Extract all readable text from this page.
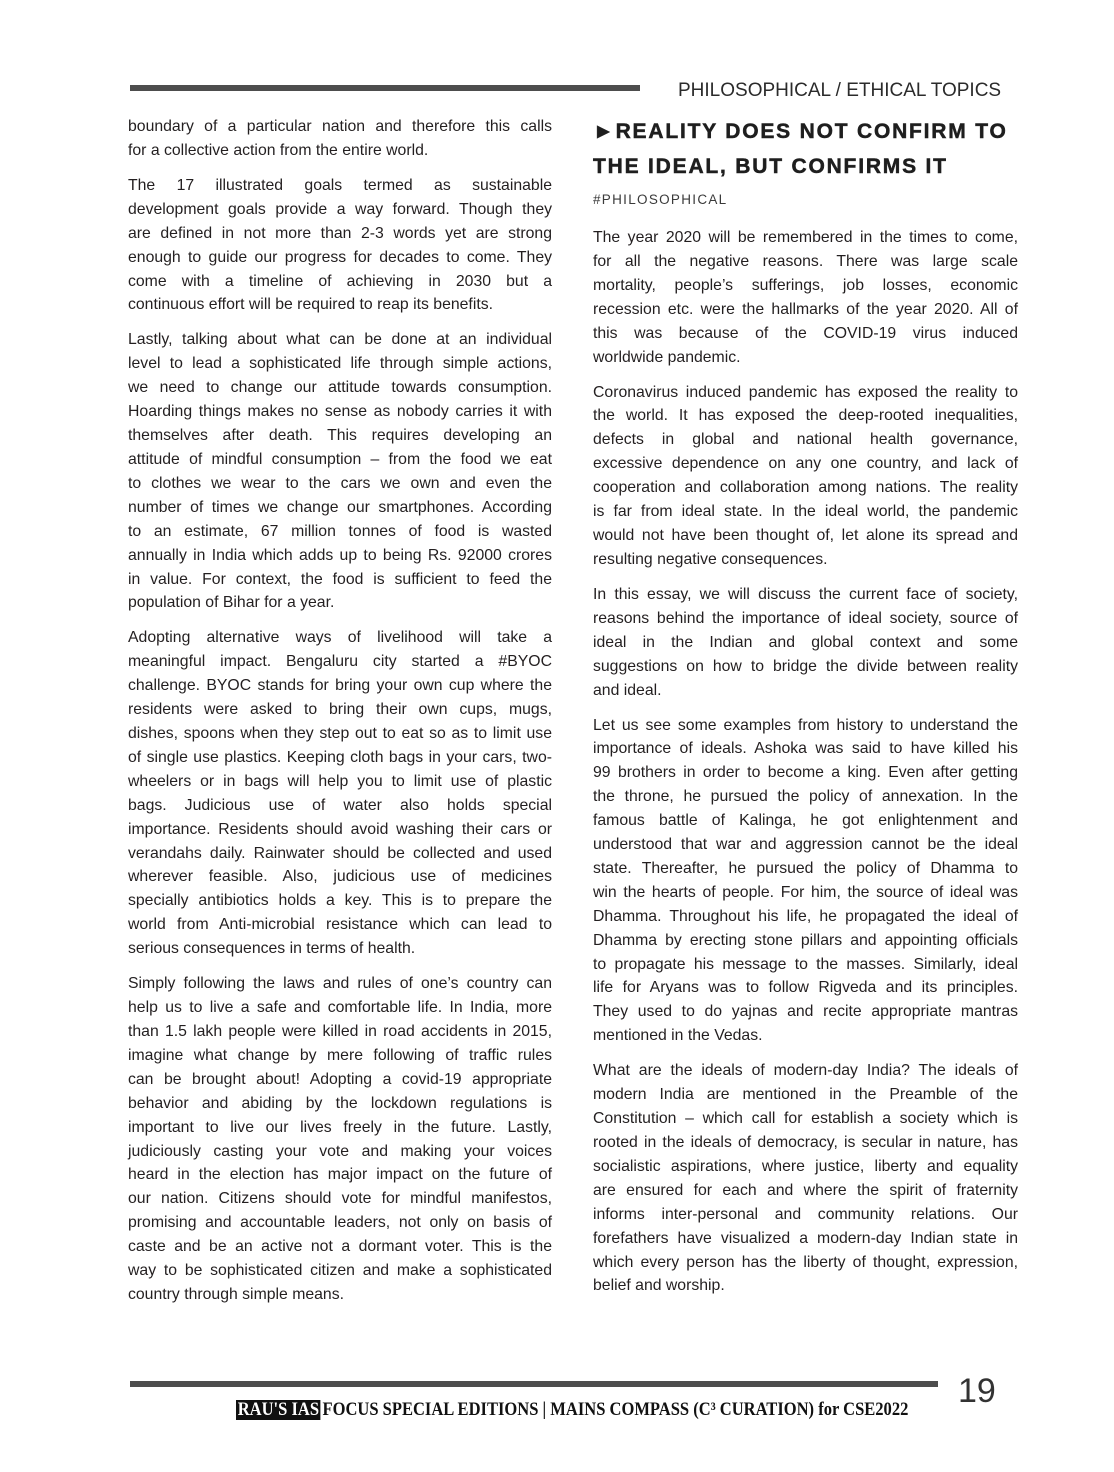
PHILOSOPHICAL / ETHICAL TOPICS

boundary of a particular nation and therefore this calls
for a collective action from the entire world.

The 17 illustrated goals termed as sustainable
development goals provide a way forward. Though they
are defined in not more than 2-3 words yet are strong
enough to guide our progress for decades to come. They
come with a timeline of achieving in 2030 but a
continuous effort will be required to reap its benefits.

Lastly, talking about what can be done at an individual
level to lead a sophisticated life through simple actions,
we need to change our attitude towards consumption.
Hoarding things makes no sense as nobody carries it with
themselves after death. This requires developing an
attitude of mindful consumption – from the food we eat
to clothes we wear to the cars we own and even the
number of times we change our smartphones. According
to an estimate, 67 million tonnes of food is wasted
annually in India which adds up to being Rs. 92000 crores
in value. For context, the food is sufficient to feed the
population of Bihar for a year.

Adopting alternative ways of livelihood will take a
meaningful impact. Bengaluru city started a #BYOC
challenge. BYOC stands for bring your own cup where the
residents were asked to bring their own cups, mugs,
dishes, spoons when they step out to eat so as to limit use
of single use plastics. Keeping cloth bags in your cars, two-
wheelers or in bags will help you to limit use of plastic
bags. Judicious use of water also holds special
importance. Residents should avoid washing their cars or
verandahs daily. Rainwater should be collected and used
wherever feasible. Also, judicious use of medicines
specially antibiotics holds a key. This is to prepare the
world from Anti-microbial resistance which can lead to
serious consequences in terms of health.

Simply following the laws and rules of one’s country can
help us to live a safe and comfortable life. In India, more
than 1.5 lakh people were killed in road accidents in 2015,
imagine what change by mere following of traffic rules
can be brought about! Adopting a covid-19 appropriate
behavior and abiding by the lockdown regulations is
important to live our lives freely in the future. Lastly,
judiciously casting your vote and making your voices
heard in the election has major impact on the future of
our nation. Citizens should vote for mindful manifestos,
promising and accountable leaders, not only on basis of
caste and be an active not a dormant voter. This is the
way to be sophisticated citizen and make a sophisticated
country through simple means.

►REALITY DOES NOT CONFIRM TO
THE IDEAL, BUT CONFIRMS IT
#PHILOSOPHICAL

The year 2020 will be remembered in the times to come,
for all the negative reasons. There was large scale
mortality, people’s sufferings, job losses, economic
recession etc. were the hallmarks of the year 2020. All of
this was because of the COVID-19 virus induced
worldwide pandemic.

Coronavirus induced pandemic has exposed the reality to
the world. It has exposed the deep-rooted inequalities,
defects in global and national health governance,
excessive dependence on any one country, and lack of
cooperation and collaboration among nations. The reality
is far from ideal state. In the ideal world, the pandemic
would not have been thought of, let alone its spread and
resulting negative consequences.

In this essay, we will discuss the current face of society,
reasons behind the importance of ideal society, source of
ideal in the Indian and global context and some
suggestions on how to bridge the divide between reality
and ideal.

Let us see some examples from history to understand the
importance of ideals. Ashoka was said to have killed his
99 brothers in order to become a king. Even after getting
the throne, he pursued the policy of annexation. In the
famous battle of Kalinga, he got enlightenment and
understood that war and aggression cannot be the ideal
state. Thereafter, he pursued the policy of Dhamma to
win the hearts of people. For him, the source of ideal was
Dhamma. Throughout his life, he propagated the ideal of
Dhamma by erecting stone pillars and appointing officials
to propagate his message to the masses. Similarly, ideal
life for Aryans was to follow Rigveda and its principles.
They used to do yajnas and recite appropriate mantras
mentioned in the Vedas.

What are the ideals of modern-day India? The ideals of
modern India are mentioned in the Preamble of the
Constitution – which call for establish a society which is
rooted in the ideals of democracy, is secular in nature, has
socialistic aspirations, where justice, liberty and equality
are ensured for each and where the spirit of fraternity
informs inter-personal and community relations. Our
forefathers have visualized a modern-day Indian state in
which every person has the liberty of thought, expression,
belief and worship.

19
RAU'S IAS FOCUS SPECIAL EDITIONS | MAINS COMPASS (C³ CURATION) for CSE2022
